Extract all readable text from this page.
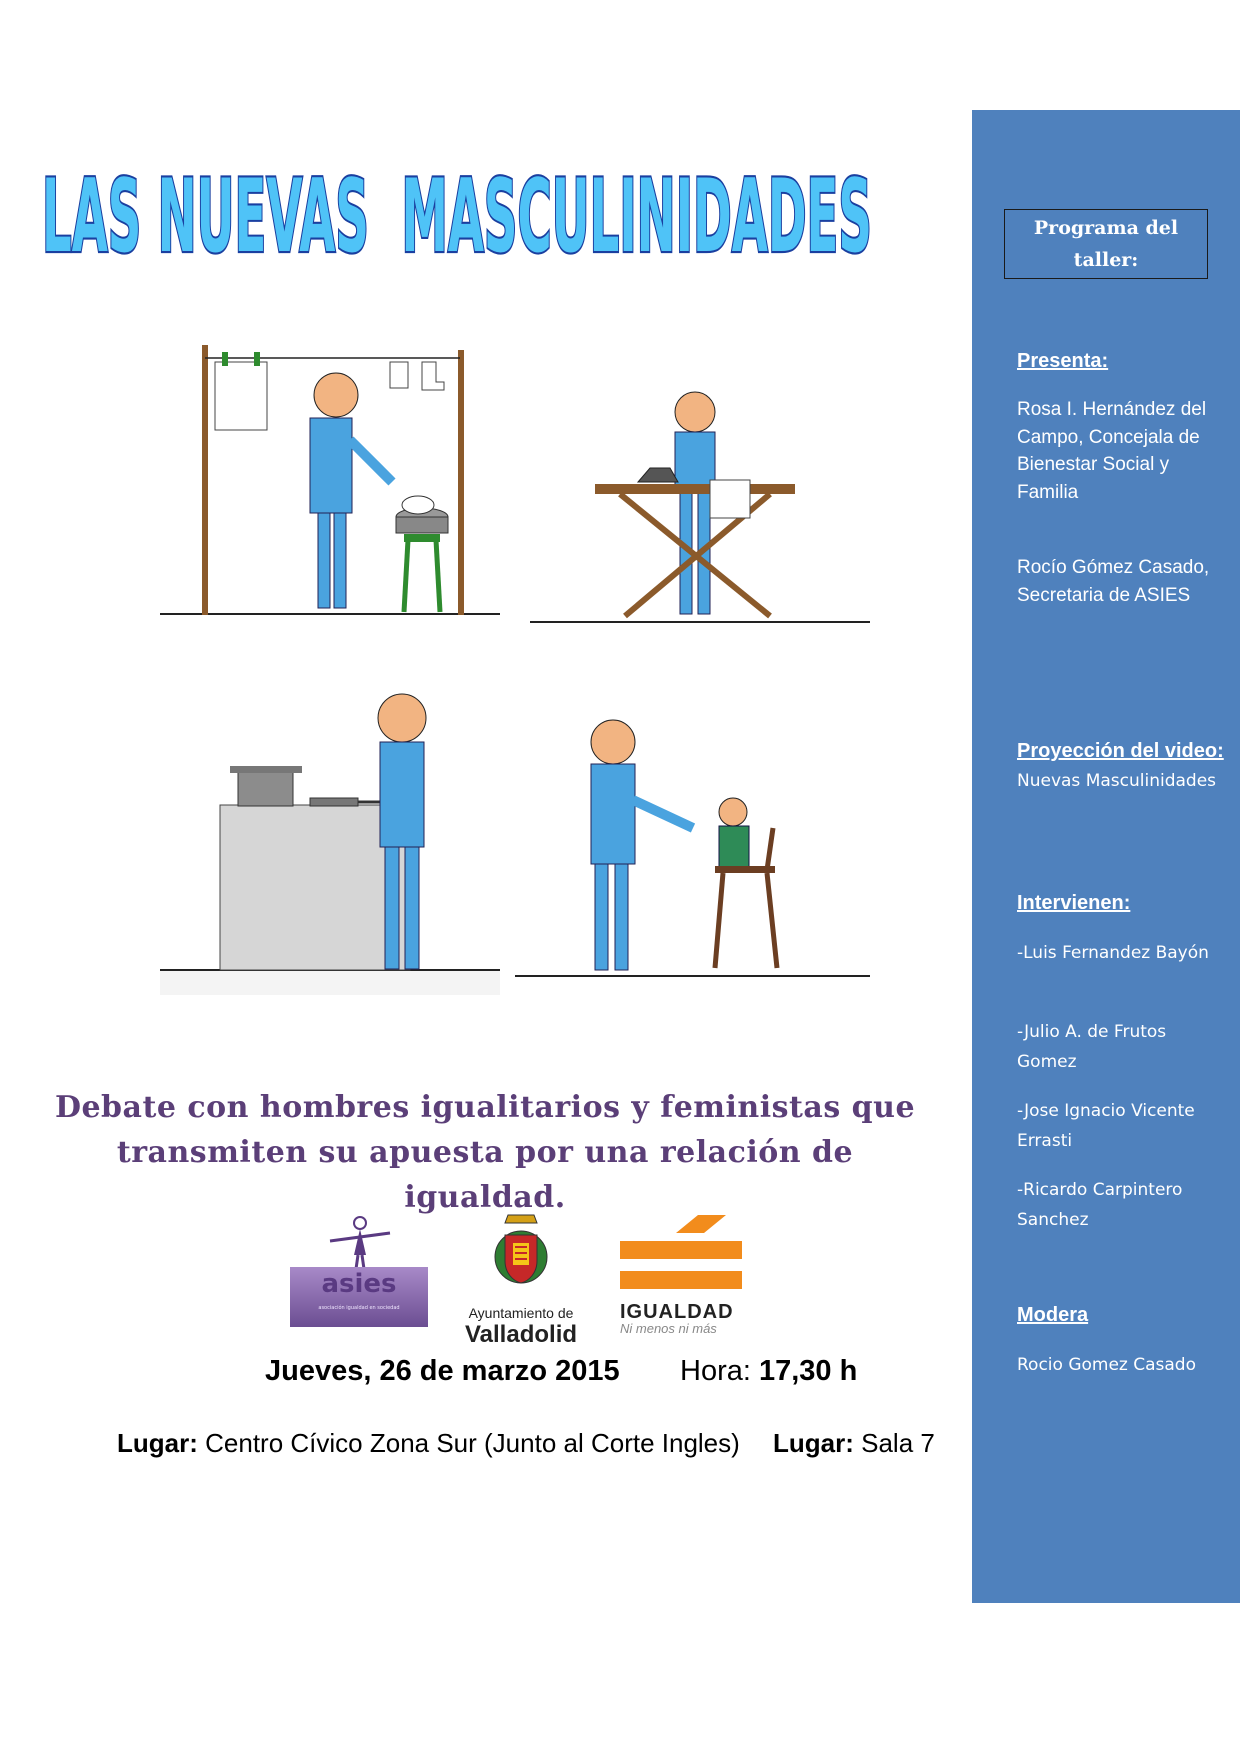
LAS NUEVAS  MASCULINIDADES
Debate con hombres igualitarios y feministas que
transmiten su apuesta por una relación de igualdad.
asies
asociación igualdad en sociedad	Ayuntamiento de
Valladolid
IGUALDAD
Ni menos ni más
Jueves, 26 de marzo 2015 Hora: 17,30 h
Lugar: Centro Cívico Zona Sur (Junto al Corte Ingles) Lugar: Sala 7
Programa del taller:
Presenta:
Rosa I. Hernández del Campo, Concejala de Bienestar Social y Familia
Rocío Gómez Casado, Secretaria de ASIES
Proyección del video: Nuevas Masculinidades
Intervienen:
-Luis Fernandez Bayón
-Julio A. de Frutos Gomez
-Jose Ignacio Vicente Errasti
-Ricardo Carpintero Sanchez
Modera
Rocio Gomez Casado
